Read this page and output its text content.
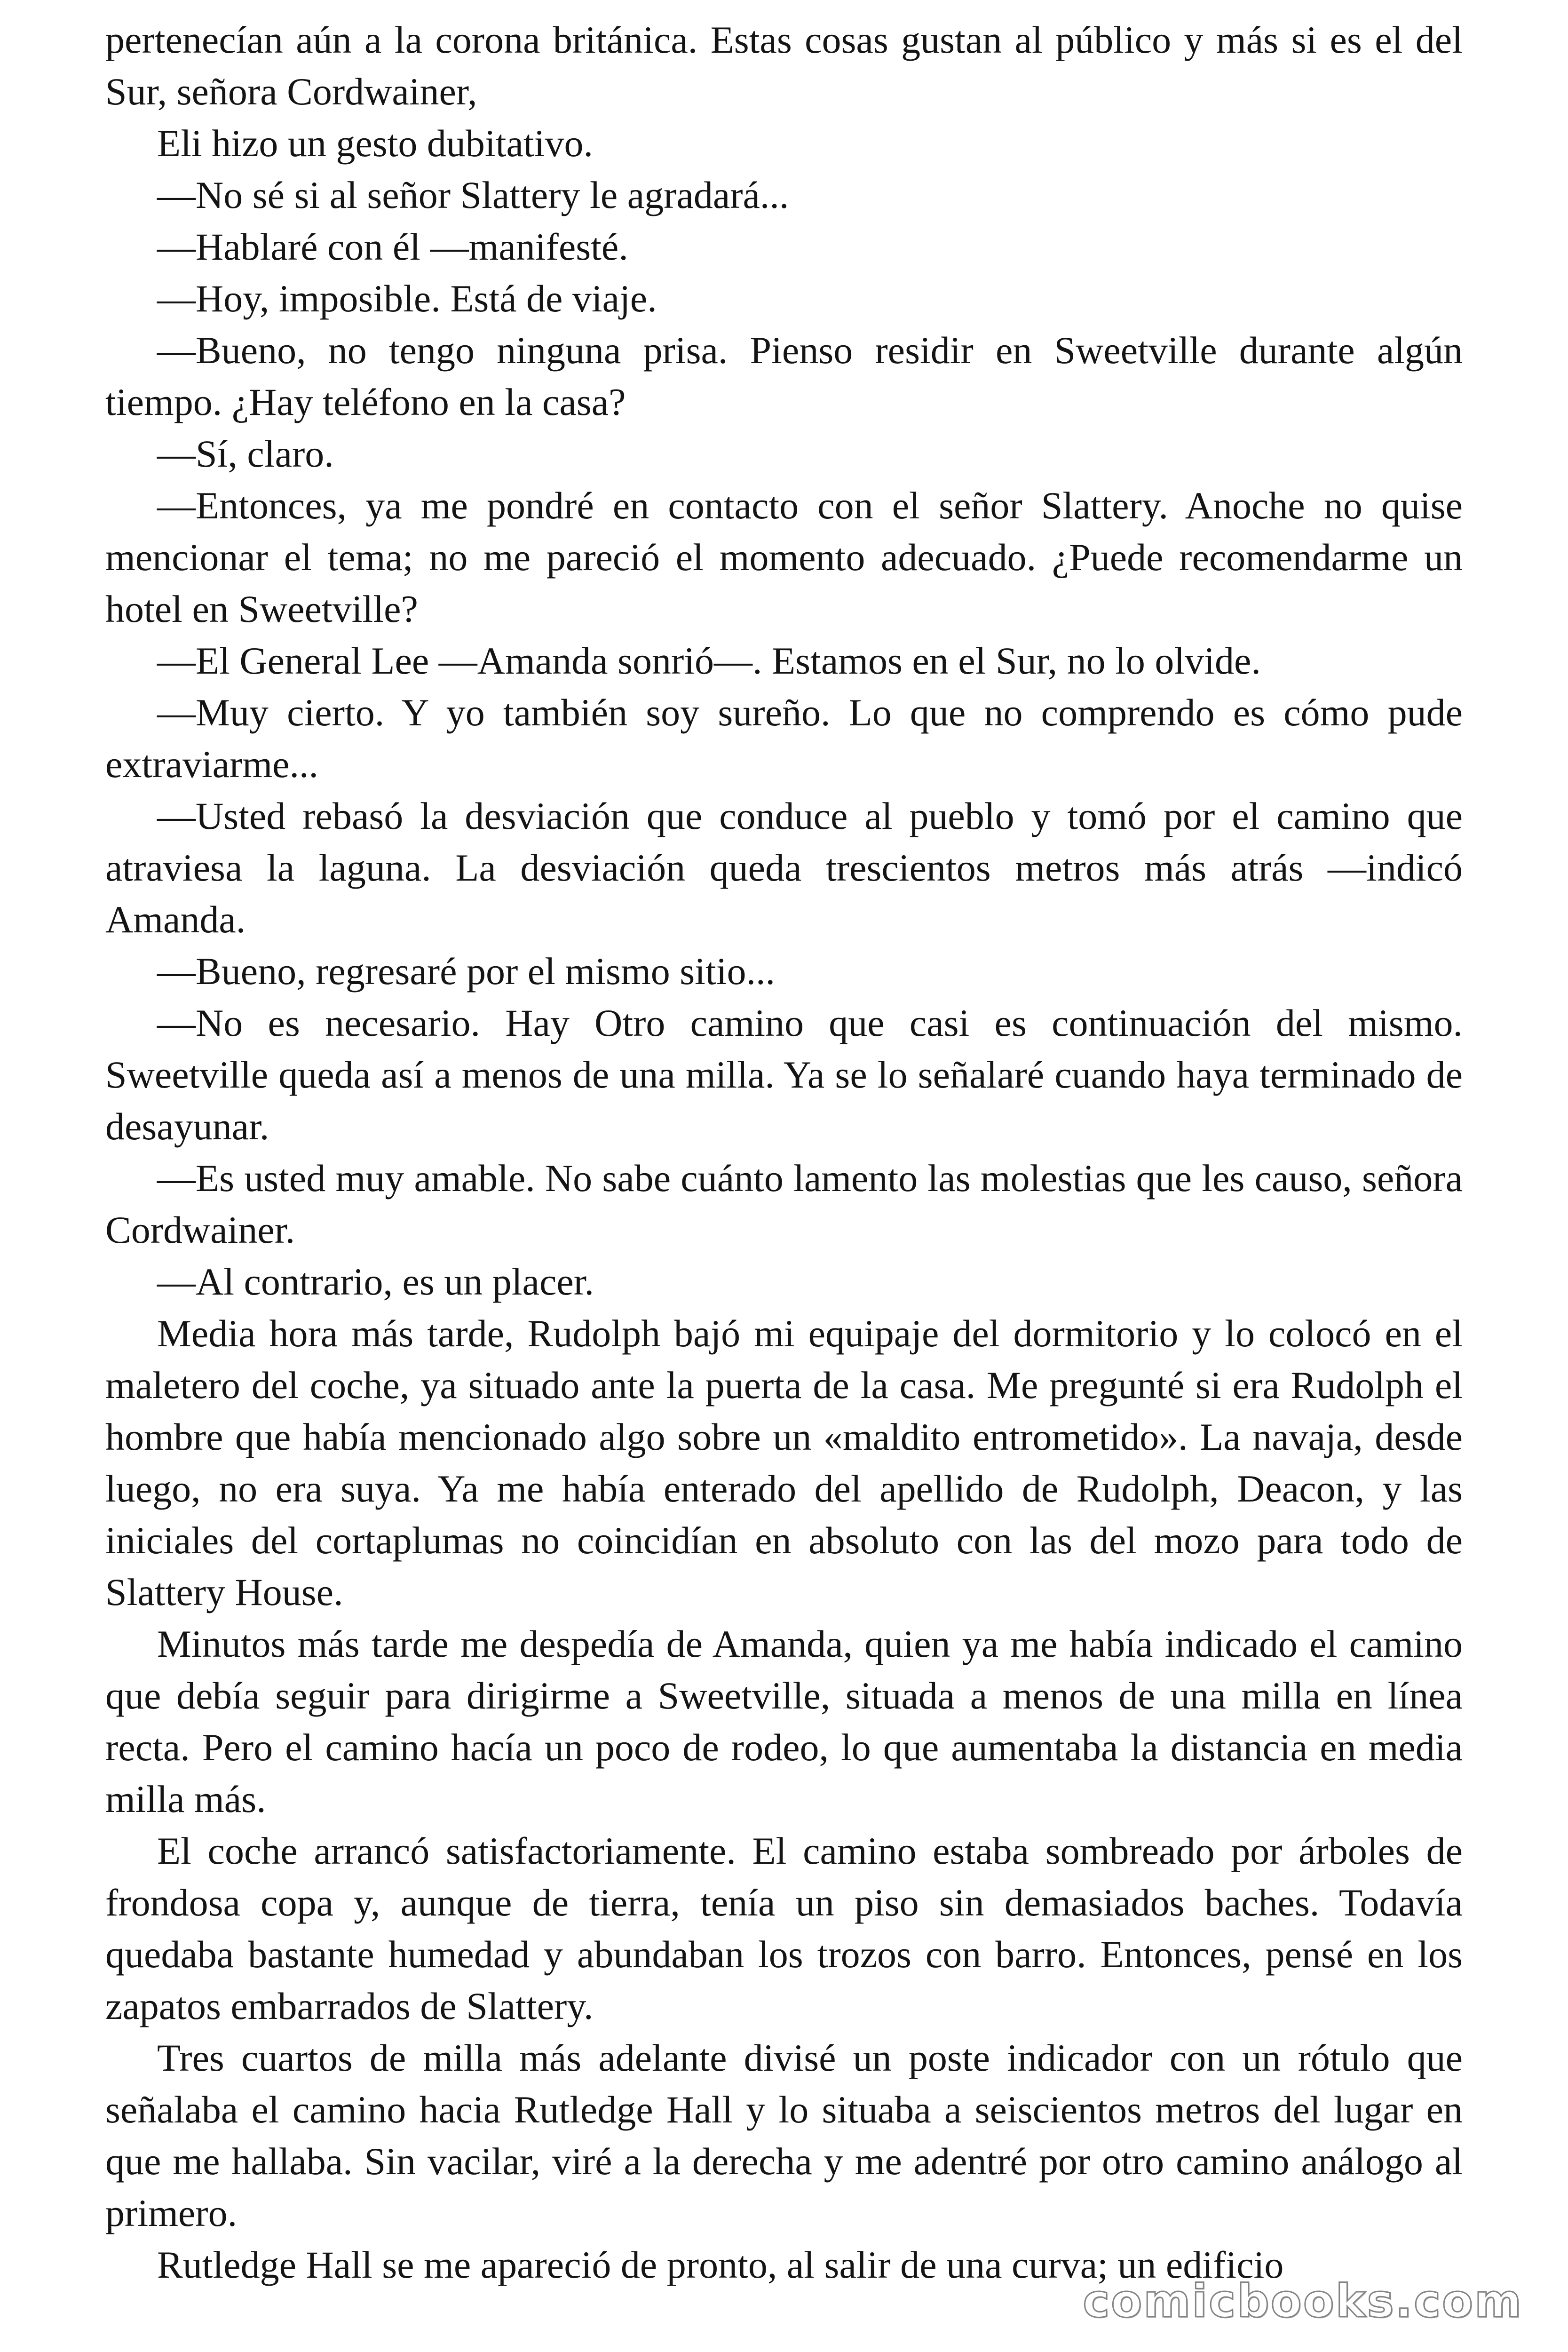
pertenecían aún a la corona británica. Estas cosas gustan al público y más si es el del Sur, señora Cordwainer,

Eli hizo un gesto dubitativo.

—No sé si al señor Slattery le agradará...

—Hablaré con él —manifesté.

—Hoy, imposible. Está de viaje.

—Bueno, no tengo ninguna prisa. Pienso residir en Sweetville durante algún tiempo. ¿Hay teléfono en la casa?

—Sí, claro.

—Entonces, ya me pondré en contacto con el señor Slattery. Anoche no quise mencionar el tema; no me pareció el momento adecuado. ¿Puede recomendarme un hotel en Sweetville?

—El General Lee —Amanda sonrió—. Estamos en el Sur, no lo olvide.

—Muy cierto. Y yo también soy sureño. Lo que no comprendo es cómo pude extraviarme...

—Usted rebasó la desviación que conduce al pueblo y tomó por el camino que atraviesa la laguna. La desviación queda trescientos metros más atrás —indicó Amanda.

—Bueno, regresaré por el mismo sitio...

—No es necesario. Hay Otro camino que casi es continuación del mismo. Sweetville queda así a menos de una milla. Ya se lo señalaré cuando haya terminado de desayunar.

—Es usted muy amable. No sabe cuánto lamento las molestias que les causo, señora Cordwainer.

—Al contrario, es un placer.

Media hora más tarde, Rudolph bajó mi equipaje del dormitorio y lo colocó en el maletero del coche, ya situado ante la puerta de la casa. Me pregunté si era Rudolph el hombre que había mencionado algo sobre un «maldito entrometido». La navaja, desde luego, no era suya. Ya me había enterado del apellido de Rudolph, Deacon, y las iniciales del cortaplumas no coincidían en absoluto con las del mozo para todo de Slattery House.

Minutos más tarde me despedía de Amanda, quien ya me había indicado el camino que debía seguir para dirigirme a Sweetville, situada a menos de una milla en línea recta. Pero el camino hacía un poco de rodeo, lo que aumentaba la distancia en media milla más.

El coche arrancó satisfactoriamente. El camino estaba sombreado por árboles de frondosa copa y, aunque de tierra, tenía un piso sin demasiados baches. Todavía quedaba bastante humedad y abundaban los trozos con barro. Entonces, pensé en los zapatos embarrados de Slattery.

Tres cuartos de milla más adelante divisé un poste indicador con un rótulo que señalaba el camino hacia Rutledge Hall y lo situaba a seiscientos metros del lugar en que me hallaba. Sin vacilar, viré a la derecha y me adentré por otro camino análogo al primero.

Rutledge Hall se me apareció de pronto, al salir de una curva; un edificio

comicbooks.com
